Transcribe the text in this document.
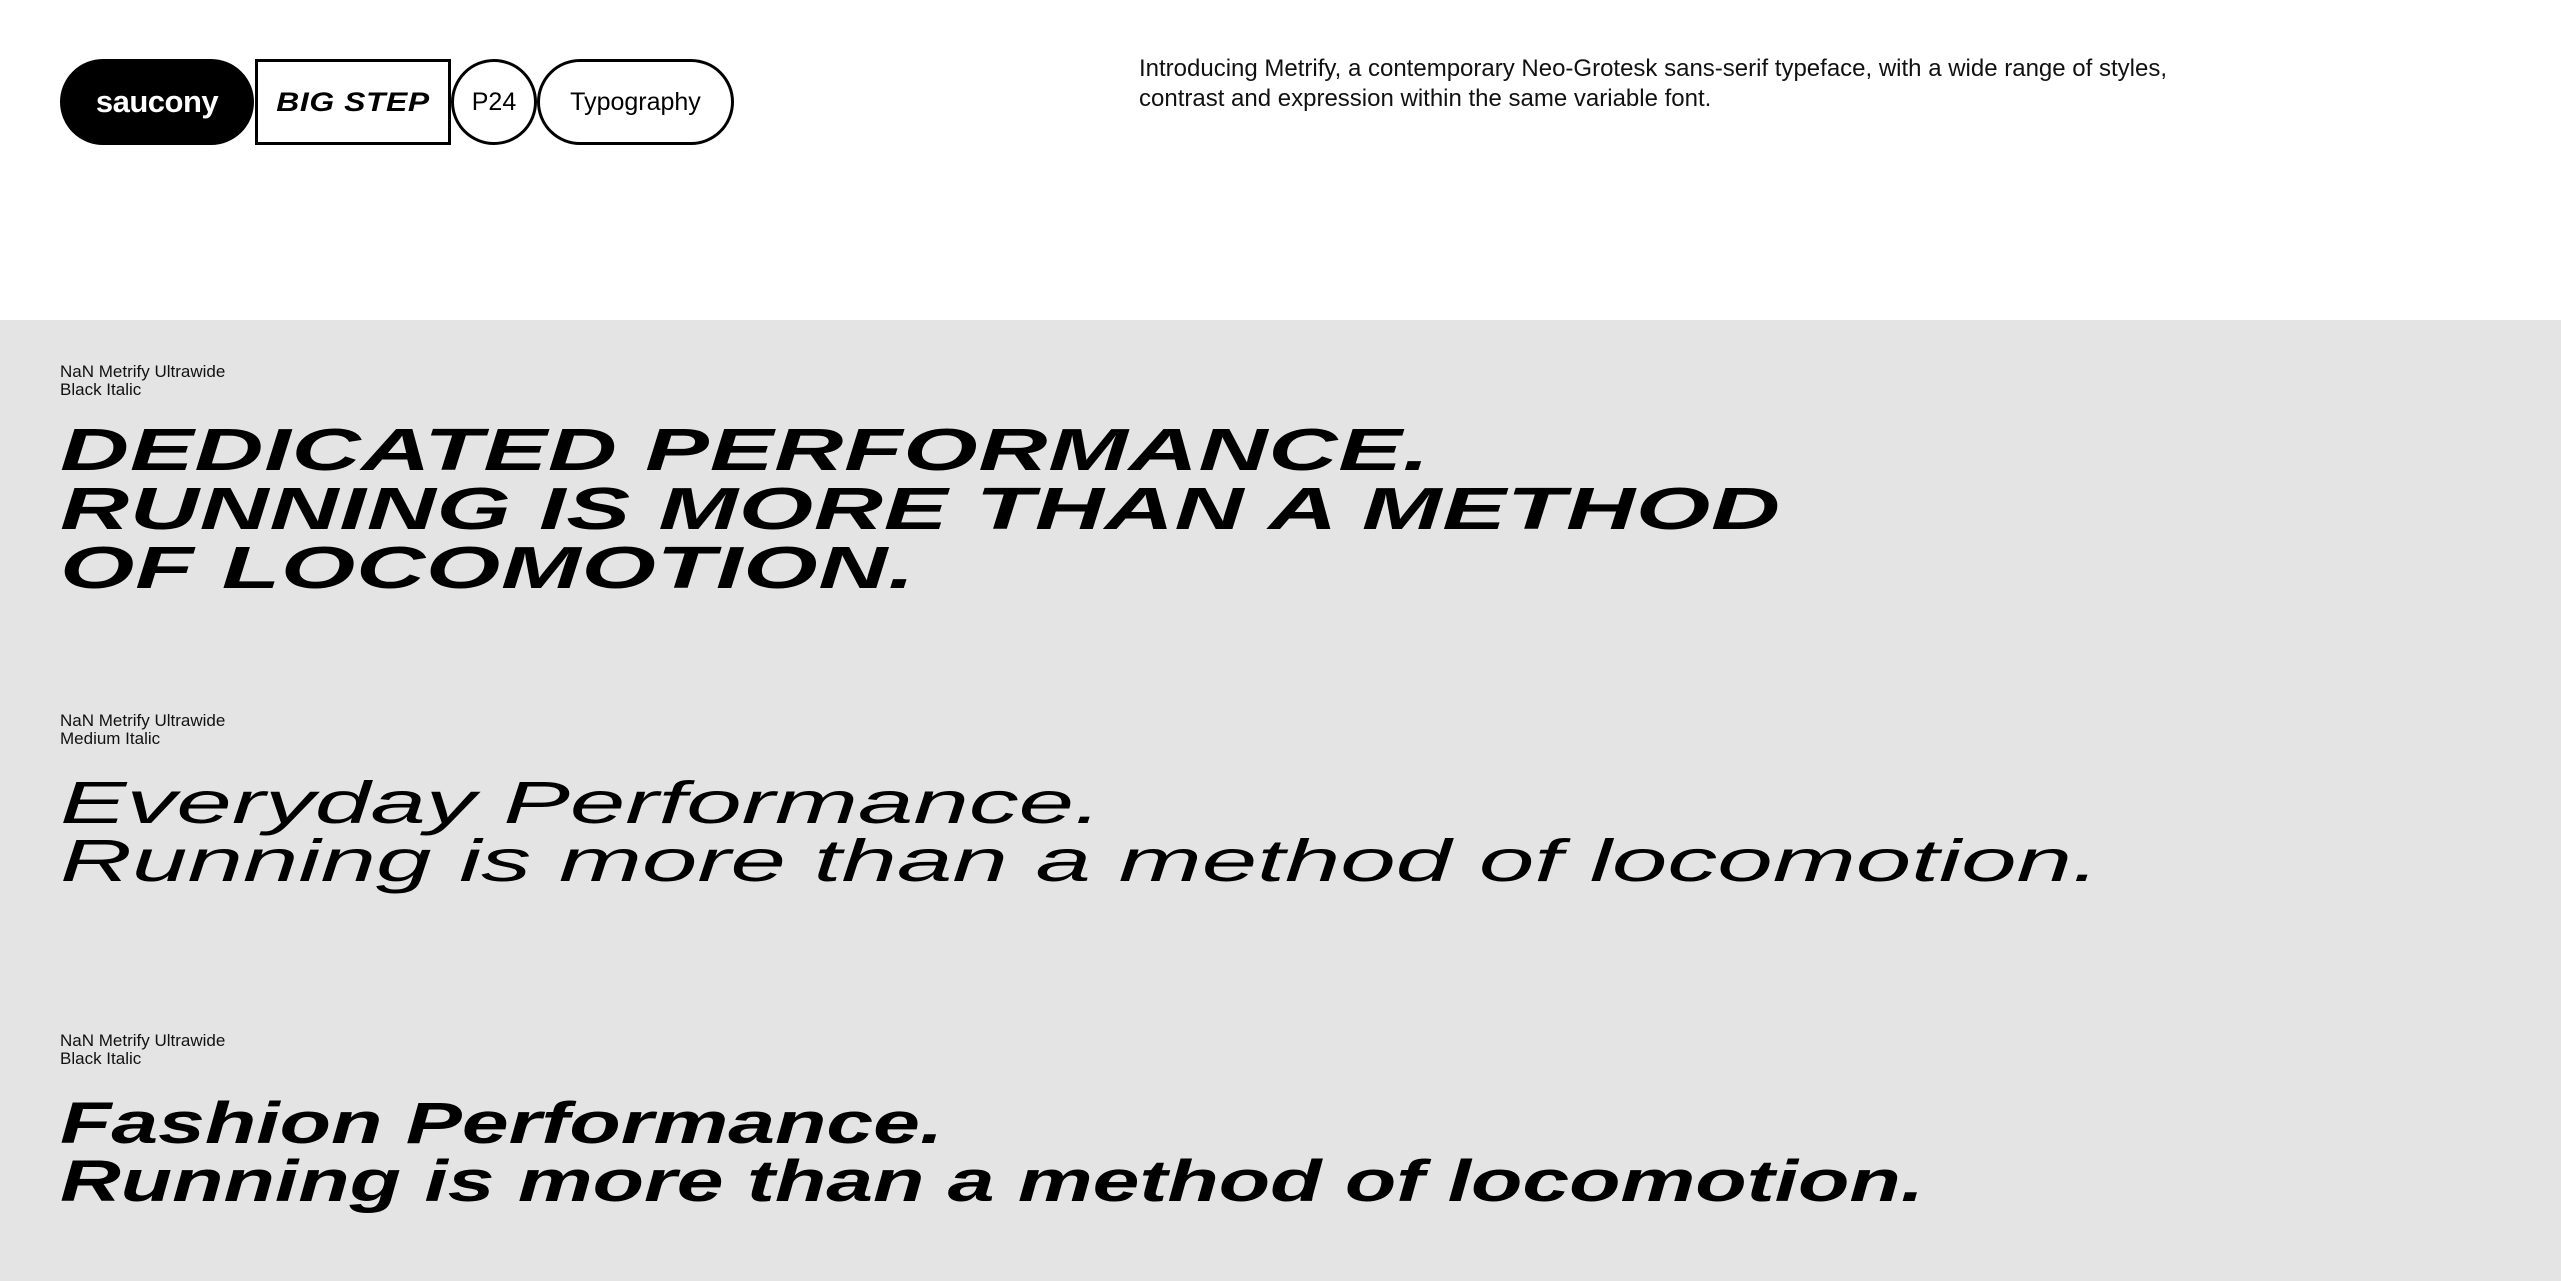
saucony BIG STEP P24 Typography

Introducing Metrify, a contemporary Neo-Grotesk sans-serif typeface, with a wide range of styles, contrast and expression within the same variable font.

NaN Metrify Ultrawide
Black Italic
DEDICATED PERFORMANCE.
RUNNING IS MORE THAN A METHOD
OF LOCOMOTION.
NaN Metrify Ultrawide
Medium Italic
Everyday Performance.
Running is more than a method of locomotion.
NaN Metrify Ultrawide
Black Italic
Fashion Performance.
Running is more than a method of locomotion.
